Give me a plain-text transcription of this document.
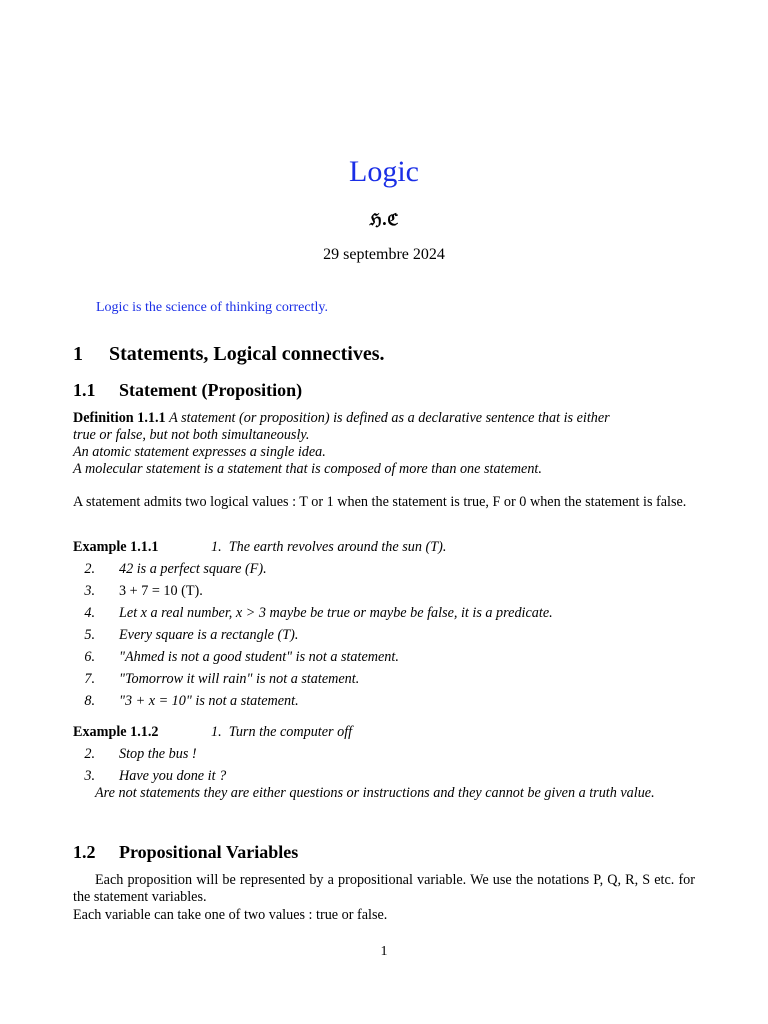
Logic
ℌ.ℭ
29 septembre 2024
Logic is the science of thinking correctly.
1 Statements, Logical connectives.
1.1 Statement (Proposition)
Definition 1.1.1 A statement (or proposition) is defined as a declarative sentence that is either
true or false, but not both simultaneously.
An atomic statement expresses a single idea.
A molecular statement is a statement that is composed of more than one statement.
A statement admits two logical values : T or 1 when the statement is true, F or 0 when the statement is false.
Example 1.1.1	1. The earth revolves around the sun (T).
2. 42 is a perfect square (F).
3. 3 + 7 = 10 (T).
4. Let x a real number, x > 3 maybe be true or maybe be false, it is a predicate.
5. Every square is a rectangle (T).
6. "Ahmed is not a good student" is not a statement.
7. "Tomorrow it will rain" is not a statement.
8. "3 + x = 10" is not a statement.
Example 1.1.2	1. Turn the computer off
2. Stop the bus !
3. Have you done it ?
Are not statements they are either questions or instructions and they cannot be given a truth value.
1.2 Propositional Variables
Each proposition will be represented by a propositional variable. We use the notations P, Q, R, S etc. for the statement variables.
Each variable can take one of two values : true or false.
1
